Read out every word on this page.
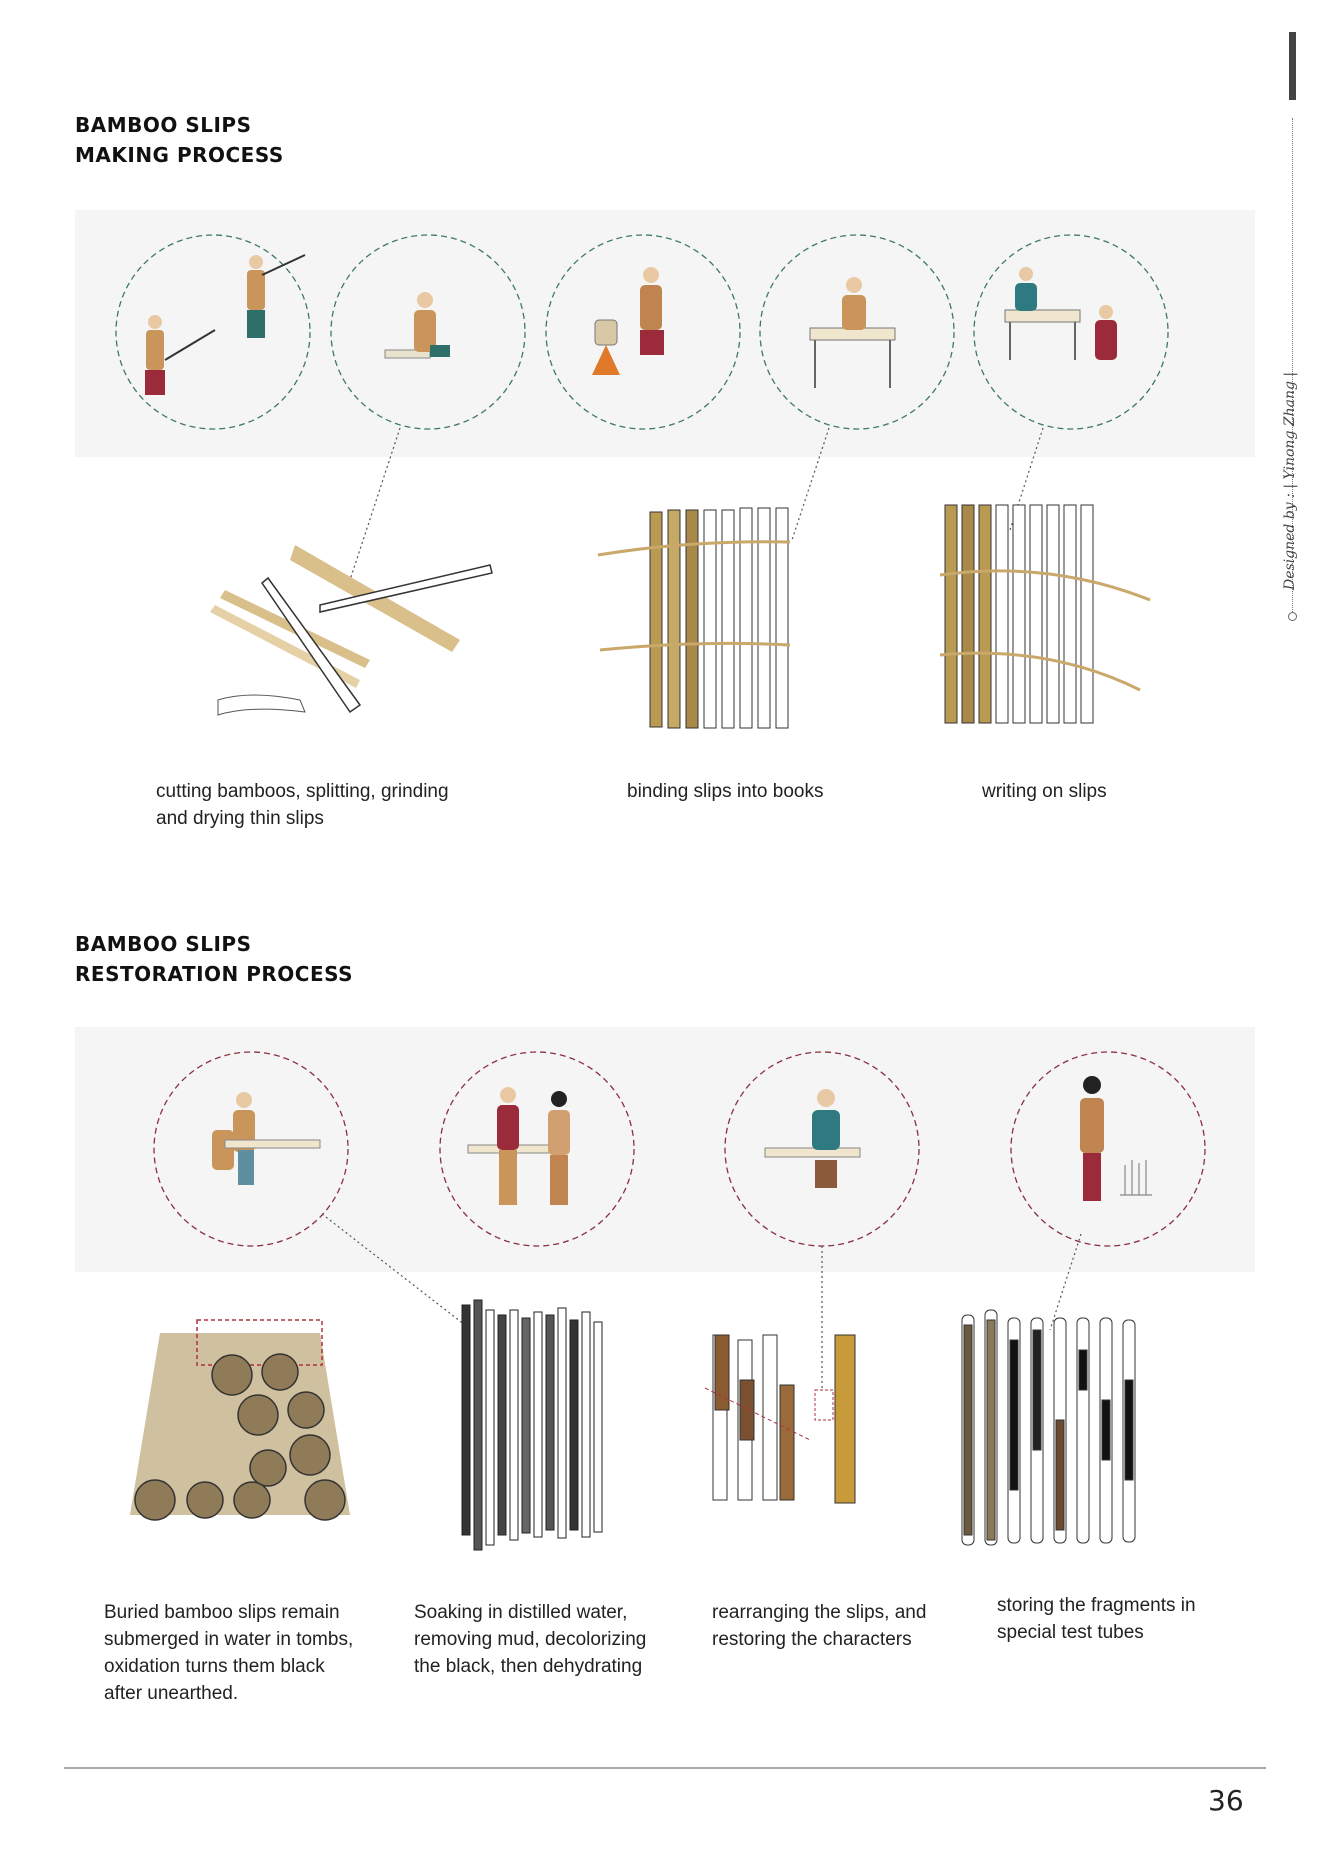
Designed by : | Yinong Zhang |
BAMBOO SLIPS
MAKING PROCESS
BAMBOO SLIPS
RESTORATION PROCESS
cutting bamboos, splitting, grinding
and drying thin slips
binding slips into books	writing on slips
Buried bamboo slips remain
submerged in water in tombs,
oxidation turns them black
after unearthed.
Soaking in distilled water,
removing mud, decolorizing
the black, then dehydrating
rearranging the slips, and
restoring the characters
storing the fragments in
special test tubes
36
